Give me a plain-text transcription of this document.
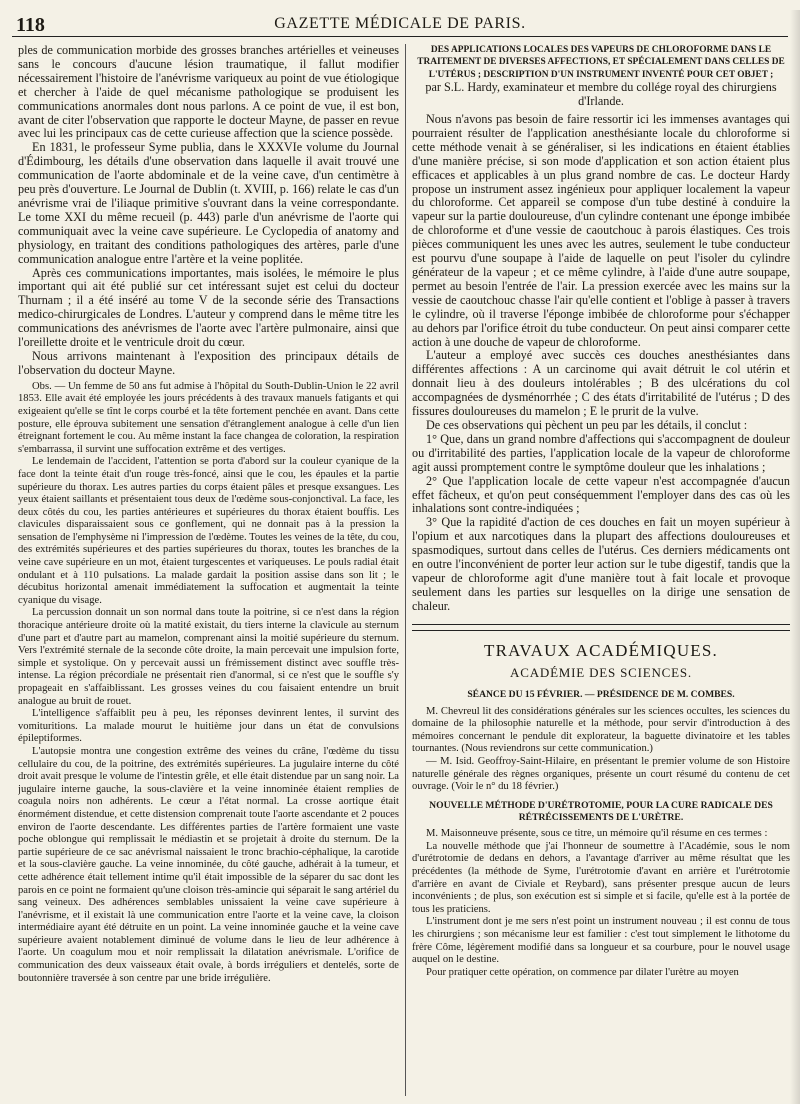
118	GAZETTE MÉDICALE DE PARIS.

ples de communication morbide des grosses branches artérielles et veineuses sans le concours d'aucune lésion traumatique, il fallut modifier nécessairement l'histoire de l'anévrisme variqueux au point de vue étiologique et chercher à l'aide de quel mécanisme pathologique se produisent les communications anormales dont nous parlons. A ce point de vue, il est bon, avant de citer l'observation que rapporte le docteur Mayne, de passer en revue avec lui les principaux cas de cette curieuse affection que la science possède.

En 1831, le professeur Syme publia, dans le XXXVIe volume du Journal d'Édimbourg, les détails d'une observation dans laquelle il avait trouvé une communication de l'aorte abdominale et de la veine cave, d'un centimètre à peu près d'ouverture. Le Journal de Dublin (t. XVIII, p. 166) relate le cas d'un anévrisme vrai de l'iliaque primitive s'ouvrant dans la veine correspondante. Le tome XXI du même recueil (p. 443) parle d'un anévrisme de l'aorte qui communiquait avec la veine cave supérieure. Le Cyclopedia of anatomy and physiology, en traitant des conditions pathologiques des artères, parle d'une communication analogue entre l'artère et la veine poplitée.

Après ces communications importantes, mais isolées, le mémoire le plus important qui ait été publié sur cet intéressant sujet est celui du docteur Thurnam ; il a été inséré au tome V de la seconde série des Transactions medico-chirurgicales de Londres. L'auteur y comprend dans le même titre les communications des anévrismes de l'aorte avec l'artère pulmonaire, ainsi que l'oreillette droite et le ventricule droit du cœur.

Nous arrivons maintenant à l'exposition des principaux détails de l'observation du docteur Mayne.

Obs. — Un femme de 50 ans fut admise à l'hôpital du South-Dublin-Union le 22 avril 1853. Elle avait été employée les jours précédents à des travaux manuels fatigants et qui exigeaient qu'elle se tînt le corps courbé et la tête fortement penchée en avant. Dans cette posture, elle éprouva subitement une sensation d'étranglement analogue à celle d'un lien étreignant fortement le cou. Au même instant la face changea de coloration, la respiration s'embarrassa, il survint une suffocation extrême et des vertiges.

Le lendemain de l'accident, l'attention se porta d'abord sur la couleur cyanique de la face dont la teinte était d'un rouge très-foncé, ainsi que le cou, les épaules et la partie supérieure du thorax. Les autres parties du corps étaient pâles et presque exsangues. Les yeux étaient saillants et présentaient tous deux de l'œdème sous-conjonctival. La face, les deux côtés du cou, les parties antérieures et supérieures du thorax étaient bouffis. Les clavicules disparaissaient sous ce gonflement, qui ne donnait pas à la pression la sensation de l'emphysème ni l'impression de l'œdème. Toutes les veines de la tête, du cou, des extrémités supérieures et des parties supérieures du thorax, toutes les branches de la veine cave supérieure en un mot, étaient turgescentes et variqueuses. Le pouls radial était ondulant et à 110 pulsations. La malade gardait la position assise dans son lit ; le décubitus horizontal amenait immédiatement la suffocation et augmentait la teinte cyanique du visage.

La percussion donnait un son normal dans toute la poitrine, si ce n'est dans la région thoracique antérieure droite où la matité existait, du tiers interne la clavicule au sternum d'une part et d'autre part au mamelon, comprenant ainsi la moitié supérieure du sternum. Vers l'extrémité sternale de la seconde côte droite, la main percevait une impulsion forte, simple et systolique. On y percevait aussi un frémissement distinct avec souffle très-intense. La région précordiale ne présentait rien d'anormal, si ce n'est que le souffle s'y propageait en s'affaiblissant. Les grosses veines du cou faisaient entendre un bruit analogue au bruit de rouet.

L'intelligence s'affaiblit peu à peu, les réponses devinrent lentes, il survint des vomituritions. La malade mourut le huitième jour dans un état de convulsions épileptiformes.

L'autopsie montra une congestion extrême des veines du crâne, l'œdème du tissu cellulaire du cou, de la poitrine, des extrémités supérieures. La jugulaire interne du côté droit avait presque le volume de l'intestin grêle, et elle était distendue par un sang noir. La jugulaire interne gauche, la sous-clavière et la veine innominée étaient remplies de coagula noirs non adhérents. Le cœur a l'état normal. La crosse aortique était énormément distendue, et cette distension comprenait toute l'aorte ascendante et 2 pouces environ de l'aorte descendante. Les différentes parties de l'artère formaient une vaste poche oblongue qui remplissait le médiastin et se projetait à droite du sternum. De la partie supérieure de ce sac anévrismal naissaient le tronc brachio-céphalique, la carotide et la sous-clavière gauche. La veine innominée, du côté gauche, adhérait à la tumeur, et cette adhérence était tellement intime qu'il était impossible de la séparer du sac dont les parois en ce point ne formaient qu'une cloison très-amincie qui séparait le sang artériel du sang veineux. Des adhérences semblables unissaient la veine cave supérieure à l'anévrisme, et il existait là une communication entre l'aorte et la veine cave, la cloison intermédiaire ayant été détruite en un point. La veine innominée gauche et la veine cave supérieure avaient notablement diminué de volume dans le lieu de leur adhérence à l'aorte. Un coagulum mou et noir remplissait la dilatation anévrismale. L'orifice de communication des deux vaisseaux était ovale, à bords irréguliers et dentelés, sorte de boutonnière traversée à son centre par une bride irrégulière.

DES APPLICATIONS LOCALES DES VAPEURS DE CHLOROFORME DANS LE TRAITEMENT DE DIVERSES AFFECTIONS, ET SPÉCIALEMENT DANS CELLES DE L'UTÉRUS ; DESCRIPTION D'UN INSTRUMENT INVENTÉ POUR CET OBJET ;

par S.L. Hardy, examinateur et membre du collége royal des chirurgiens d'Irlande.

Nous n'avons pas besoin de faire ressortir ici les immenses avantages qui pourraient résulter de l'application anesthésiante locale du chloroforme si cette méthode venait à se généraliser, si les indications en étaient établies d'une manière précise, si son mode d'application et son action étaient plus efficaces et applicables à un plus grand nombre de cas. Le docteur Hardy propose un instrument assez ingénieux pour appliquer localement la vapeur du chloroforme. Cet appareil se compose d'un tube destiné à conduire la vapeur sur la partie douloureuse, d'un cylindre contenant une éponge imbibée de chloroforme et d'une vessie de caoutchouc à parois élastiques. Ces trois pièces communiquent les unes avec les autres, seulement le tube conducteur est pourvu d'une soupape à l'aide de laquelle on peut l'isoler du cylindre générateur de la vapeur ; et ce même cylindre, à l'aide d'une autre soupape, permet au besoin l'entrée de l'air. La pression exercée avec les mains sur la vessie de caoutchouc chasse l'air qu'elle contient et l'oblige à passer à travers le cylindre, où il traverse l'éponge imbibée de chloroforme pour s'échapper au dehors par l'orifice étroit du tube conducteur. On peut ainsi comparer cette action à une douche de vapeur de chloroforme.

L'auteur a employé avec succès ces douches anesthésiantes dans différentes affections : A un carcinome qui avait détruit le col utérin et donnait lieu à des douleurs intolérables ; B des ulcérations du col accompagnées de dysménorrhée ; C des états d'irritabilité de l'utérus ; D des fissures douloureuses du mamelon ; E le prurit de la vulve.

De ces observations qui pèchent un peu par les détails, il conclut :

1° Que, dans un grand nombre d'affections qui s'accompagnent de douleur ou d'irritabilité des parties, l'application locale de la vapeur de chloroforme agit aussi promptement contre le symptôme douleur que les inhalations ;

2° Que l'application locale de cette vapeur n'est accompagnée d'aucun effet fâcheux, et qu'on peut conséquemment l'employer dans des cas où les inhalations sont contre-indiquées ;

3° Que la rapidité d'action de ces douches en fait un moyen supérieur à l'opium et aux narcotiques dans la plupart des affections douloureuses et spasmodiques, surtout dans celles de l'utérus. Ces derniers médicaments ont en outre l'inconvénient de porter leur action sur le tube digestif, tandis que la vapeur de chloroforme agit d'une manière tout à fait locale et provoque seulement dans les parties sur lesquelles on la dirige une sensation de chaleur.

TRAVAUX ACADÉMIQUES.

ACADÉMIE DES SCIENCES.

SÉANCE DU 15 FÉVRIER. — PRÉSIDENCE DE M. COMBES.

M. Chevreul lit des considérations générales sur les sciences occultes, les sciences du domaine de la philosophie naturelle et la méthode, pour servir d'introduction à des mémoires concernant le pendule dit explorateur, la baguette divinatoire et les tables tournantes. (Nous reviendrons sur cette communication.)

— M. Isid. Geoffroy-Saint-Hilaire, en présentant le premier volume de son Histoire naturelle générale des règnes organiques, présente un court résumé du contenu de cet ouvrage. (Voir le n° du 18 février.)

NOUVELLE MÉTHODE D'URÉTROTOMIE, POUR LA CURE RADICALE DES RÉTRÉCISSEMENTS DE L'URÈTRE.

M. Maisonneuve présente, sous ce titre, un mémoire qu'il résume en ces termes :

La nouvelle méthode que j'ai l'honneur de soumettre à l'Académie, sous le nom d'urétrotomie de dedans en dehors, a l'avantage d'arriver au même résultat que les précédentes (la méthode de Syme, l'urétrotomie d'avant en arrière et l'urétrotomie d'arrière en avant de Civiale et Reybard), sans présenter presque aucun de leurs inconvénients ; de plus, son exécution est si simple et si facile, qu'elle est à la portée de tous les praticiens.

L'instrument dont je me sers n'est point un instrument nouveau ; il est connu de tous les chirurgiens ; son mécanisme leur est familier : c'est tout simplement le lithotome du frère Côme, légèrement modifié dans sa longueur et sa courbure, pour le nouvel usage auquel on le destine.

Pour pratiquer cette opération, on commence par dilater l'urètre au moyen
